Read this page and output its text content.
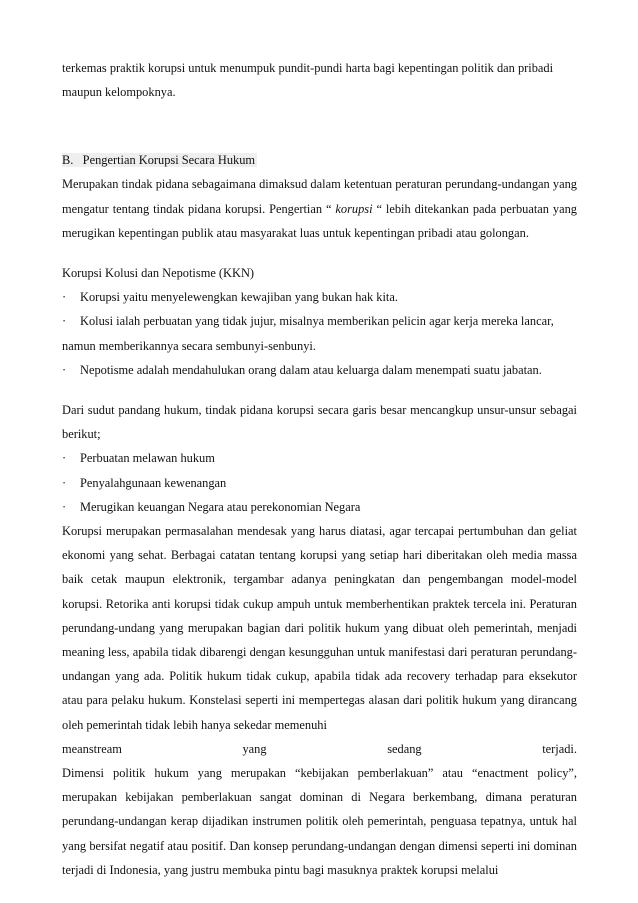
terkemas praktik korupsi untuk menumpuk pundit-pundi harta bagi kepentingan politik dan pribadi
maupun kelompoknya.

B. Pengertian Korupsi Secara Hukum

Merupakan tindak pidana sebagaimana dimaksud dalam ketentuan peraturan perundang-undangan yang mengatur tentang tindak pidana korupsi. Pengertian “ korupsi “ lebih ditekankan pada perbuatan yang merugikan kepentingan publik atau masyarakat luas untuk kepentingan pribadi atau golongan.

Korupsi Kolusi dan Nepotisme (KKN)

·	Korupsi yaitu menyelewengkan kewajiban yang bukan hak kita.
·	Kolusi ialah perbuatan yang tidak jujur, misalnya memberikan pelicin agar kerja mereka lancar,

namun memberikannya secara sembunyi-senbunyi.

·	Nepotisme adalah mendahulukan orang dalam atau keluarga dalam menempati suatu jabatan.

Dari sudut pandang hukum, tindak pidana korupsi secara garis besar mencangkup unsur-unsur sebagai berikut;

·	Perbuatan melawan hukum
·	Penyalahgunaan kewenangan
·	Merugikan keuangan Negara atau perekonomian Negara

Korupsi merupakan permasalahan mendesak yang harus diatasi, agar tercapai pertumbuhan dan geliat ekonomi yang sehat. Berbagai catatan tentang korupsi yang setiap hari diberitakan oleh media massa baik cetak maupun elektronik, tergambar adanya peningkatan dan pengembangan model-model korupsi. Retorika anti korupsi tidak cukup ampuh untuk memberhentikan praktek tercela ini. Peraturan perundang-undang yang merupakan bagian dari politik hukum yang dibuat oleh pemerintah, menjadi meaning less, apabila tidak dibarengi dengan kesungguhan untuk manifestasi dari peraturan perundang-undangan yang ada. Politik hukum tidak cukup, apabila tidak ada recovery terhadap para eksekutor atau para pelaku hukum. Konstelasi seperti ini mempertegas alasan dari politik hukum yang dirancang oleh pemerintah tidak lebih hanya sekedar memenuhi

meanstream	yang	sedang	terjadi.

Dimensi politik hukum yang merupakan “kebijakan pemberlakuan” atau “enactment policy”, merupakan kebijakan pemberlakuan sangat dominan di Negara berkembang, dimana peraturan perundang-undangan kerap dijadikan instrumen politik oleh pemerintah, penguasa tepatnya, untuk hal yang bersifat negatif atau positif. Dan konsep perundang-undangan dengan dimensi seperti ini dominan terjadi di Indonesia, yang justru membuka pintu bagi masuknya praktek korupsi melalui
